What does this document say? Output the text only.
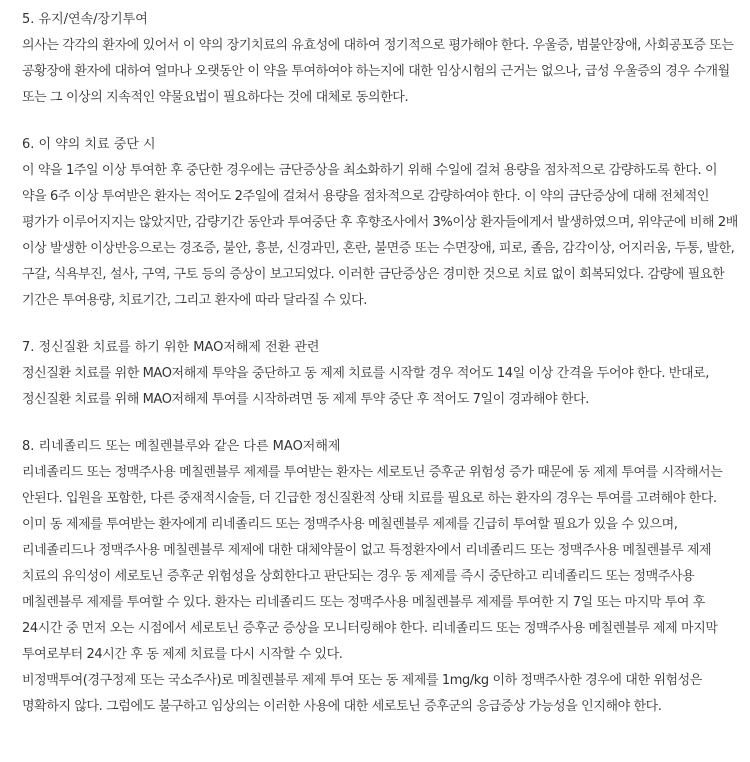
5. 유지/연속/장기투여

의사는 각각의 환자에 있어서 이 약의 장기치료의 유효성에 대하여 정기적으로 평가해야 한다. 우울증, 범불안장애, 사회공포증 또는 공황장애 환자에 대하여 얼마나 오랫동안 이 약을 투여하여야 하는지에 대한 임상시험의 근거는 없으나, 급성 우울증의 경우 수개월 또는 그 이상의 지속적인 약물요법이 필요하다는 것에 대체로 동의한다.

6. 이 약의 치료 중단 시

이 약을 1주일 이상 투여한 후 중단한 경우에는 금단증상을 최소화하기 위해 수일에 걸쳐 용량을 점차적으로 감량하도록 한다. 이 약을 6주 이상 투여받은 환자는 적어도 2주일에 걸쳐서 용량을 점차적으로 감량하여야 한다. 이 약의 금단증상에 대해 전체적인 평가가 이루어지지는 않았지만, 감량기간 동안과 투여중단 후 후향조사에서 3%이상 환자들에게서 발생하였으며, 위약군에 비해 2배 이상 발생한 이상반응으로는 경조증, 불안, 흥분, 신경과민, 혼란, 불면증 또는 수면장애, 피로, 졸음, 감각이상, 어지러움, 두통, 발한, 구갈, 식욕부진, 설사, 구역, 구토 등의 증상이 보고되었다. 이러한 금단증상은 경미한 것으로 치료 없이 회복되었다. 감량에 필요한 기간은 투여용량, 치료기간, 그리고 환자에 따라 달라질 수 있다.

7. 정신질환 치료를 하기 위한 MAO저해제 전환 관련

정신질환 치료를 위한 MAO저해제 투약을 중단하고 동 제제 치료를 시작할 경우 적어도 14일 이상 간격을 두어야 한다. 반대로, 정신질환 치료를 위해 MAO저해제 투여를 시작하려면 동 제제 투약 중단 후 적어도 7일이 경과해야 한다.

8. 리네졸리드 또는 메칠렌블루와 같은 다른 MAO저해제

리네졸리드 또는 정맥주사용 메칠렌블루 제제를 투여받는 환자는 세로토닌 증후군 위험성 증가 때문에 동 제제 투여를 시작해서는 안된다. 입원을 포함한, 다른 중재적시술들, 더 긴급한 정신질환적 상태 치료를 필요로 하는 환자의 경우는 투여를 고려해야 한다.

이미 동 제제를 투여받는 환자에게 리네졸리드 또는 정맥주사용 메칠렌블루 제제를 긴급히 투여할 필요가 있을 수 있으며, 리네졸리드나 정맥주사용 메칠렌블루 제제에 대한 대체약물이 없고 특정환자에서 리네졸리드 또는 정맥주사용 메칠렌블루 제제 치료의 유익성이 세로토닌 증후군 위험성을 상회한다고 판단되는 경우 동 제제를 즉시 중단하고 리네졸리드 또는 정맥주사용 메칠렌블루 제제를 투여할 수 있다. 환자는 리네졸리드 또는 정맥주사용 메칠렌블루 제제를 투여한 지 7일 또는 마지막 투여 후 24시간 중 먼저 오는 시점에서 세로토닌 증후군 증상을 모니터링해야 한다. 리네졸리드 또는 정맥주사용 메칠렌블루 제제 마지막 투여로부터 24시간 후 동 제제 치료를 다시 시작할 수 있다.

비정맥투여(경구정제 또는 국소주사)로 메칠렌블루 제제 투여 또는 동 제제를 1mg/kg 이하 정맥주사한 경우에 대한 위험성은 명확하지 않다. 그럼에도 불구하고 임상의는 이러한 사용에 대한 세로토닌 증후군의 응급증상 가능성을 인지해야 한다.
